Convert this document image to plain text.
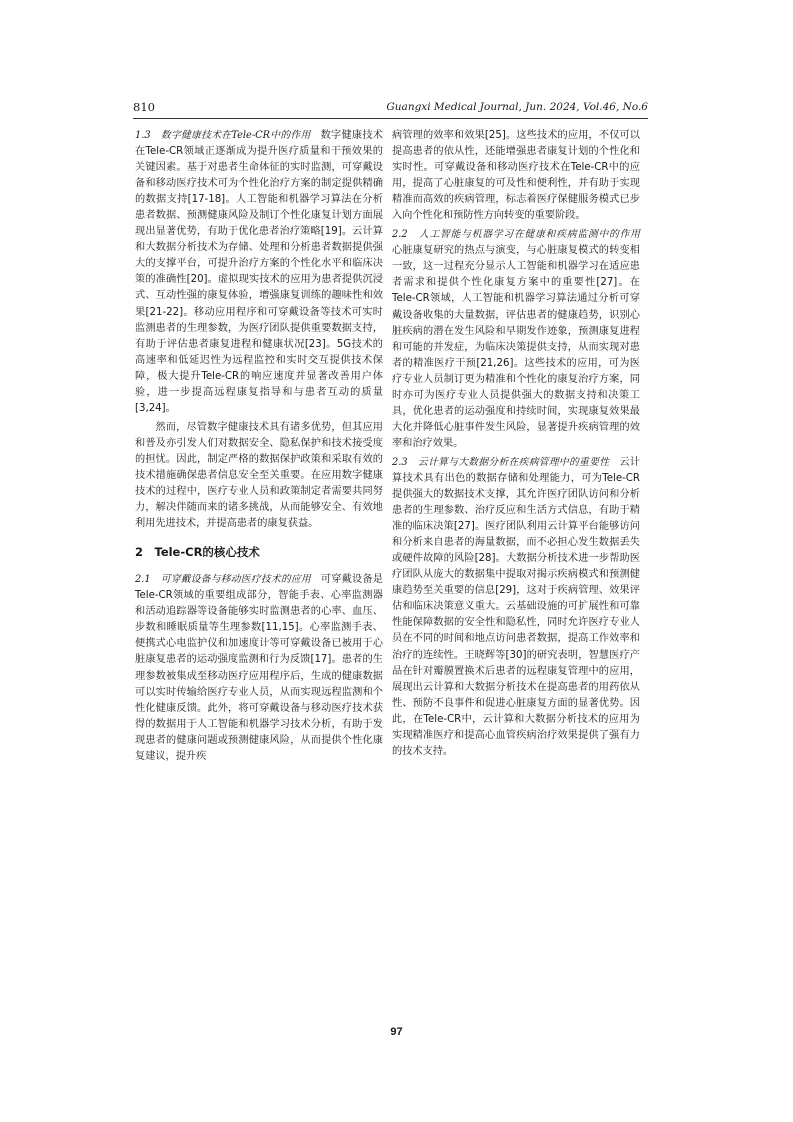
810	Guangxi Medical Journal, Jun. 2024, Vol.46, No.6

1.3　数字健康技术在Tele-CR中的作用　数字健康技术在Tele-CR领域正逐渐成为提升医疗质量和干预效果的关键因素。基于对患者生命体征的实时监测，可穿戴设备和移动医疗技术可为个性化治疗方案的制定提供精确的数据支持[17-18]。人工智能和机器学习算法在分析患者数据、预测健康风险及制订个性化康复计划方面展现出显著优势，有助于优化患者治疗策略[19]。云计算和大数据分析技术为存储、处理和分析患者数据提供强大的支撑平台，可提升治疗方案的个性化水平和临床决策的准确性[20]。虚拟现实技术的应用为患者提供沉浸式、互动性强的康复体验，增强康复训练的趣味性和效果[21-22]。移动应用程序和可穿戴设备等技术可实时监测患者的生理参数，为医疗团队提供重要数据支持，有助于评估患者康复进程和健康状况[23]。5G技术的高速率和低延迟性为远程监控和实时交互提供技术保障，极大提升Tele-CR的响应速度并显著改善用户体验，进一步提高远程康复指导和与患者互动的质量[3,24]。

然而，尽管数字健康技术具有诸多优势，但其应用和普及亦引发人们对数据安全、隐私保护和技术接受度的担忧。因此，制定严格的数据保护政策和采取有效的技术措施确保患者信息安全至关重要。在应用数字健康技术的过程中，医疗专业人员和政策制定者需要共同努力，解决伴随而来的诸多挑战，从而能够安全、有效地利用先进技术，并提高患者的康复获益。

2　Tele-CR的核心技术

2.1　可穿戴设备与移动医疗技术的应用　可穿戴设备是Tele-CR领域的重要组成部分，智能手表、心率监测器和活动追踪器等设备能够实时监测患者的心率、血压、步数和睡眠质量等生理参数[11,15]。心率监测手表、便携式心电监护仪和加速度计等可穿戴设备已被用于心脏康复患者的运动强度监测和行为反馈[17]。患者的生理参数被集成至移动医疗应用程序后，生成的健康数据可以实时传输给医疗专业人员，从而实现远程监测和个性化健康反馈。此外，将可穿戴设备与移动医疗技术获得的数据用于人工智能和机器学习技术分析，有助于发现患者的健康问题或预测健康风险，从而提供个性化康复建议，提升疾

病管理的效率和效果[25]。这些技术的应用，不仅可以提高患者的依从性，还能增强患者康复计划的个性化和实时性。可穿戴设备和移动医疗技术在Tele-CR中的应用，提高了心脏康复的可及性和便利性，并有助于实现精准而高效的疾病管理，标志着医疗保健服务模式已步入向个性化和预防性方向转变的重要阶段。

2.2　人工智能与机器学习在健康和疾病监测中的作用　心脏康复研究的热点与演变，与心脏康复模式的转变相一致，这一过程充分显示人工智能和机器学习在适应患者需求和提供个性化康复方案中的重要性[27]。在Tele-CR领域，人工智能和机器学习算法通过分析可穿戴设备收集的大量数据，评估患者的健康趋势，识别心脏疾病的潜在发生风险和早期发作迹象，预测康复进程和可能的并发症，为临床决策提供支持，从而实现对患者的精准医疗干预[21,26]。这些技术的应用，可为医疗专业人员制订更为精准和个性化的康复治疗方案，同时亦可为医疗专业人员提供强大的数据支持和决策工具，优化患者的运动强度和持续时间，实现康复效果最大化并降低心脏事件发生风险，显著提升疾病管理的效率和治疗效果。

2.3　云计算与大数据分析在疾病管理中的重要性　云计算技术具有出色的数据存储和处理能力，可为Tele-CR提供强大的数据技术支撑，其允许医疗团队访问和分析患者的生理参数、治疗反应和生活方式信息，有助于精准的临床决策[27]。医疗团队利用云计算平台能够访问和分析来自患者的海量数据，而不必担心发生数据丢失或硬件故障的风险[28]。大数据分析技术进一步帮助医疗团队从庞大的数据集中提取对揭示疾病模式和预测健康趋势至关重要的信息[29]，这对于疾病管理、效果评估和临床决策意义重大。云基础设施的可扩展性和可靠性能保障数据的安全性和隐私性，同时允许医疗专业人员在不同的时间和地点访问患者数据，提高工作效率和治疗的连续性。王晓辉等[30]的研究表明，智慧医疗产品在针对瓣膜置换术后患者的远程康复管理中的应用，展现出云计算和大数据分析技术在提高患者的用药依从性、预防不良事件和促进心脏康复方面的显著优势。因此，在Tele-CR中，云计算和大数据分析技术的应用为实现精准医疗和提高心血管疾病治疗效果提供了强有力的技术支持。

97
